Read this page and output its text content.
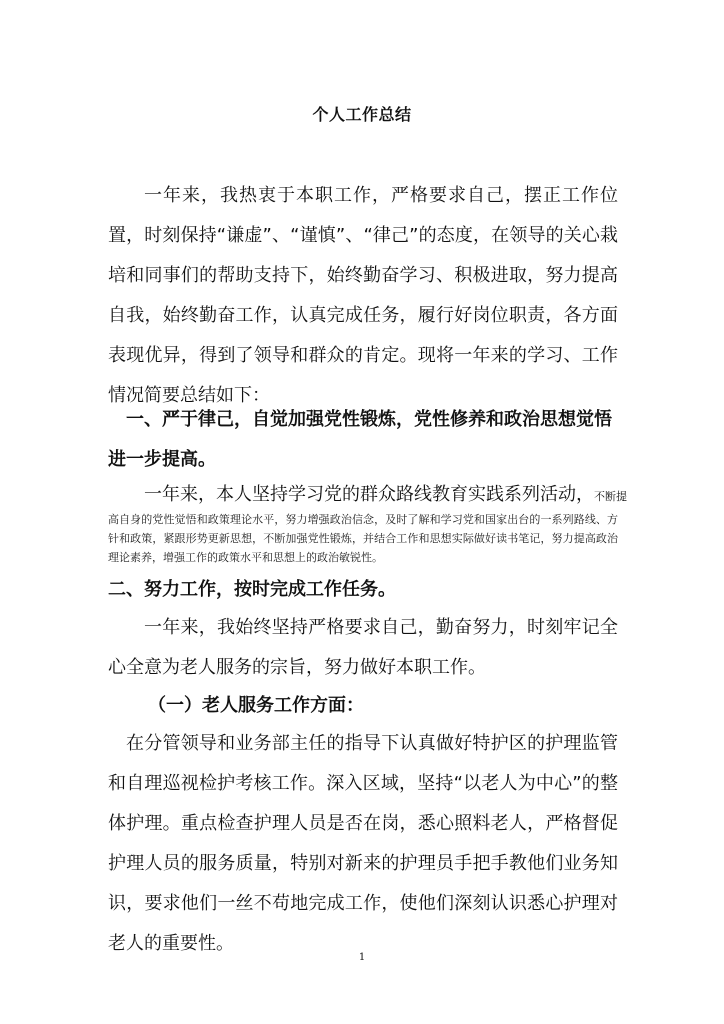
个人工作总结
一年来，我热衷于本职工作，严格要求自己，摆正工作位置，时刻保持“谦虚”、“谨慎”、“律己”的态度，在领导的关心栽培和同事们的帮助支持下，始终勤奋学习、积极进取，努力提高自我，始终勤奋工作，认真完成任务，履行好岗位职责，各方面表现优异，得到了领导和群众的肯定。现将一年来的学习、工作情况简要总结如下：
一、严于律己，自觉加强党性锻炼，党性修养和政治思想觉悟进一步提高。
一年来，本人坚持学习党的群众路线教育实践系列活动，不断提
高自身的党性觉悟和政策理论水平，努力增强政治信念，及时了解和学习党和国家出台的一系列路线、方针和政策，紧跟形势更新思想，不断加强党性锻炼，并结合工作和思想实际做好读书笔记，努力提高政治理论素养，增强工作的政策水平和思想上的政治敏锐性。
二、努力工作，按时完成工作任务。
一年来，我始终坚持严格要求自己，勤奋努力，时刻牢记全心全意为老人服务的宗旨，努力做好本职工作。
（一）老人服务工作方面：
在分管领导和业务部主任的指导下认真做好特护区的护理监管和自理巡视检护考核工作。深入区域，坚持“以老人为中心”的整体护理。重点检查护理人员是否在岗，悉心照料老人，严格督促护理人员的服务质量，特别对新来的护理员手把手教他们业务知识，要求他们一丝不苟地完成工作，使他们深刻认识悉心护理对老人的重要性。
1
